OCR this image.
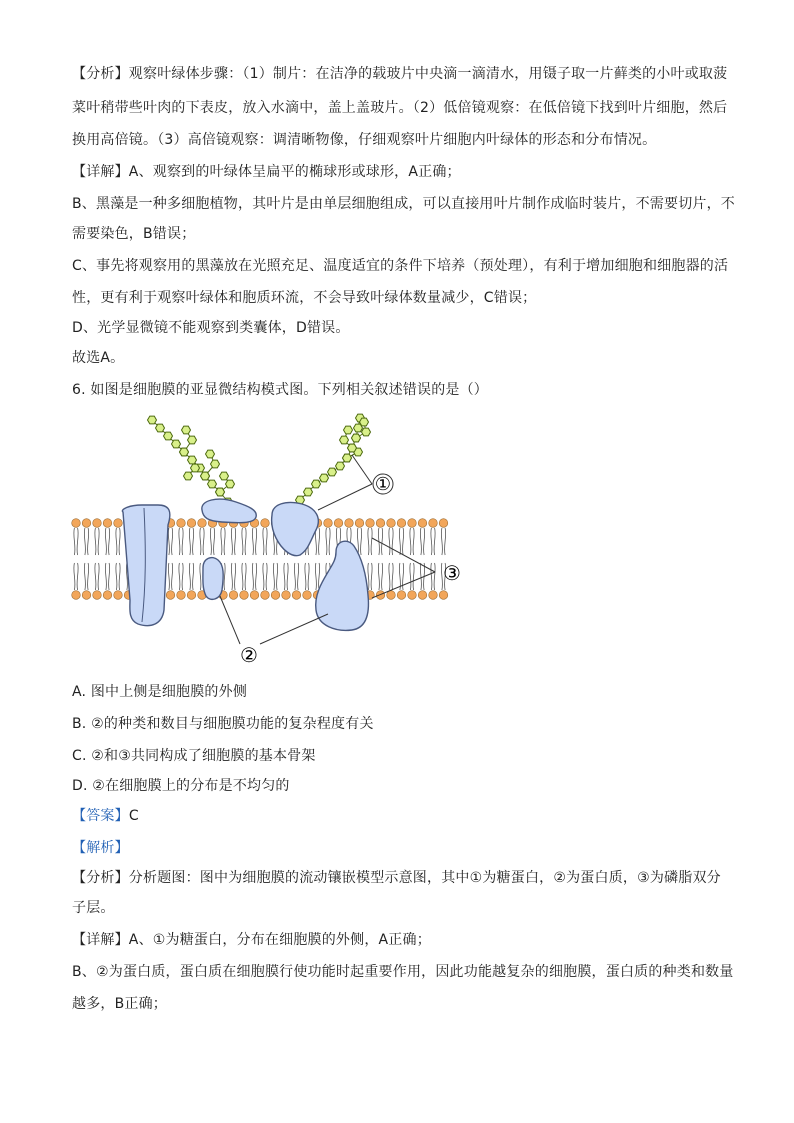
【分析】观察叶绿体步骤：（1）制片：在洁净的载玻片中央滴一滴清水，用镊子取一片藓类的小叶或取菠
菜叶稍带些叶肉的下表皮，放入水滴中，盖上盖玻片。（2）低倍镜观察：在低倍镜下找到叶片细胞，然后
换用高倍镜。（3）高倍镜观察：调清晰物像，仔细观察叶片细胞内叶绿体的形态和分布情况。
【详解】A、观察到的叶绿体呈扁平的椭球形或球形，A正确；
B、黑藻是一种多细胞植物，其叶片是由单层细胞组成，可以直接用叶片制作成临时装片，不需要切片，不
需要染色，B错误；
C、事先将观察用的黑藻放在光照充足、温度适宜的条件下培养（预处理），有利于增加细胞和细胞器的活
性，更有利于观察叶绿体和胞质环流，不会导致叶绿体数量减少，C错误；
D、光学显微镜不能观察到类囊体，D错误。
故选A。
6. 如图是细胞膜的亚显微结构模式图。下列相关叙述错误的是（）
①
③
②
A. 图中上侧是细胞膜的外侧
B. ②的种类和数目与细胞膜功能的复杂程度有关
C. ②和③共同构成了细胞膜的基本骨架
D. ②在细胞膜上的分布是不均匀的
【答案】C
【解析】
【分析】分析题图：图中为细胞膜的流动镶嵌模型示意图，其中①为糖蛋白，②为蛋白质，③为磷脂双分
子层。
【详解】A、①为糖蛋白，分布在细胞膜的外侧，A正确；
B、②为蛋白质，蛋白质在细胞膜行使功能时起重要作用，因此功能越复杂的细胞膜，蛋白质的种类和数量
越多，B正确；
